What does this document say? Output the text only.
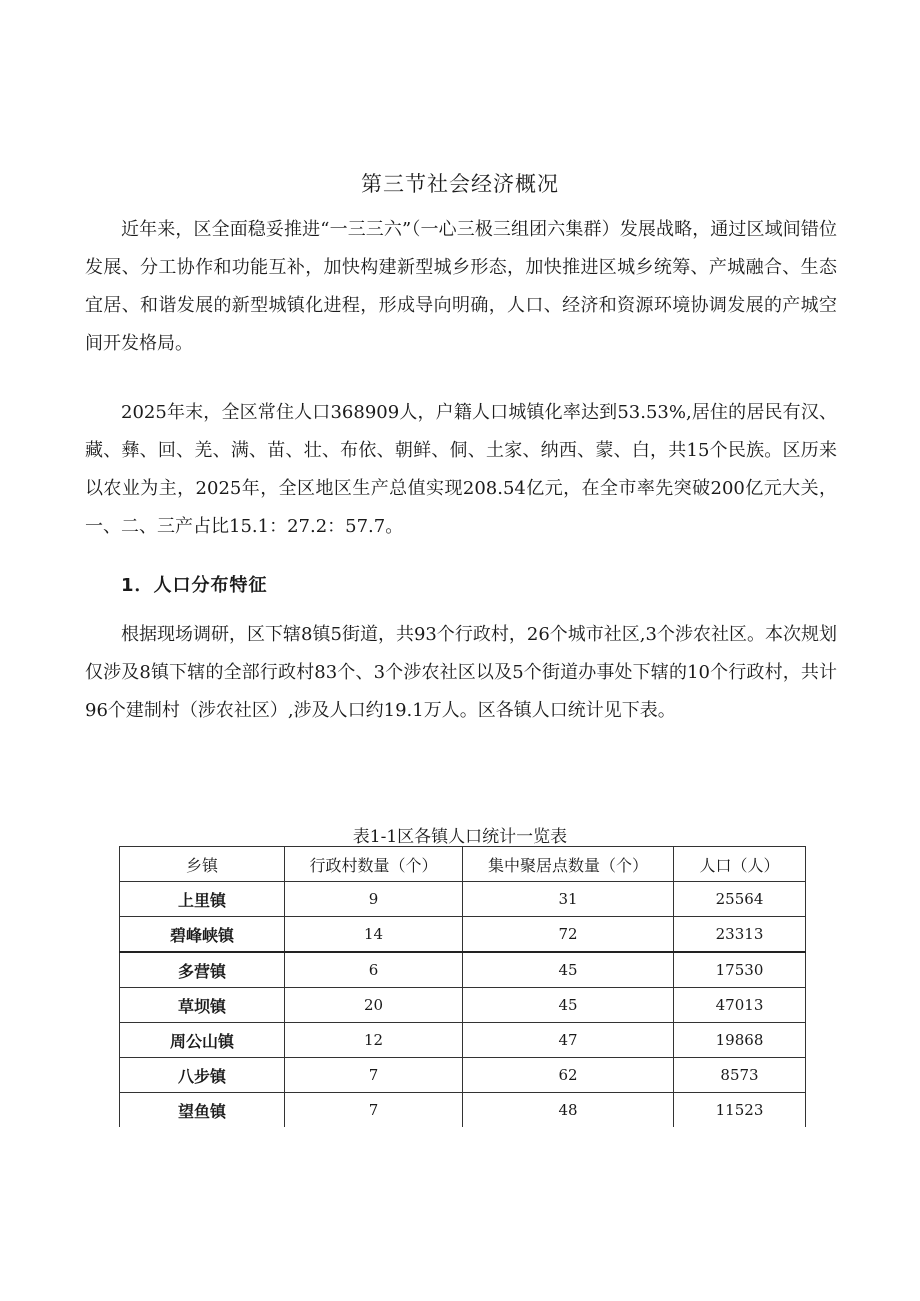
第三节社会经济概况

近年来，区全面稳妥推进“一三三六”（一心三极三组团六集群）发展战略，通过区域间错位发展、分工协作和功能互补，加快构建新型城乡形态，加快推进区城乡统筹、产城融合、生态宜居、和谐发展的新型城镇化进程，形成导向明确，人口、经济和资源环境协调发展的产城空间开发格局。

2025年末，全区常住人口368909人，户籍人口城镇化率达到53.53%,居住的居民有汉、藏、彝、回、羌、满、苗、壮、布依、朝鲜、侗、土家、纳西、蒙、白，共15个民族。区历来以农业为主，2025年，全区地区生产总值实现208.54亿元，在全市率先突破200亿元大关，一、二、三产占比15.1：27.2：57.7。

1．人口分布特征

根据现场调研，区下辖8镇5街道，共93个行政村，26个城市社区,3个涉农社区。本次规划仅涉及8镇下辖的全部行政村83个、3个涉农社区以及5个街道办事处下辖的10个行政村，共计96个建制村（涉农社区）,涉及人口约19.1万人。区各镇人口统计见下表。

表1-1区各镇人口统计一览表
乡镇	行政村数量（个）	集中聚居点数量（个）	人口（人）
上里镇	9	31	25564
碧峰峡镇	14	72	23313
多营镇	6	45	17530
草坝镇	20	45	47013
周公山镇	12	47	19868
八步镇	7	62	8573
望鱼镇	7	48	11523
